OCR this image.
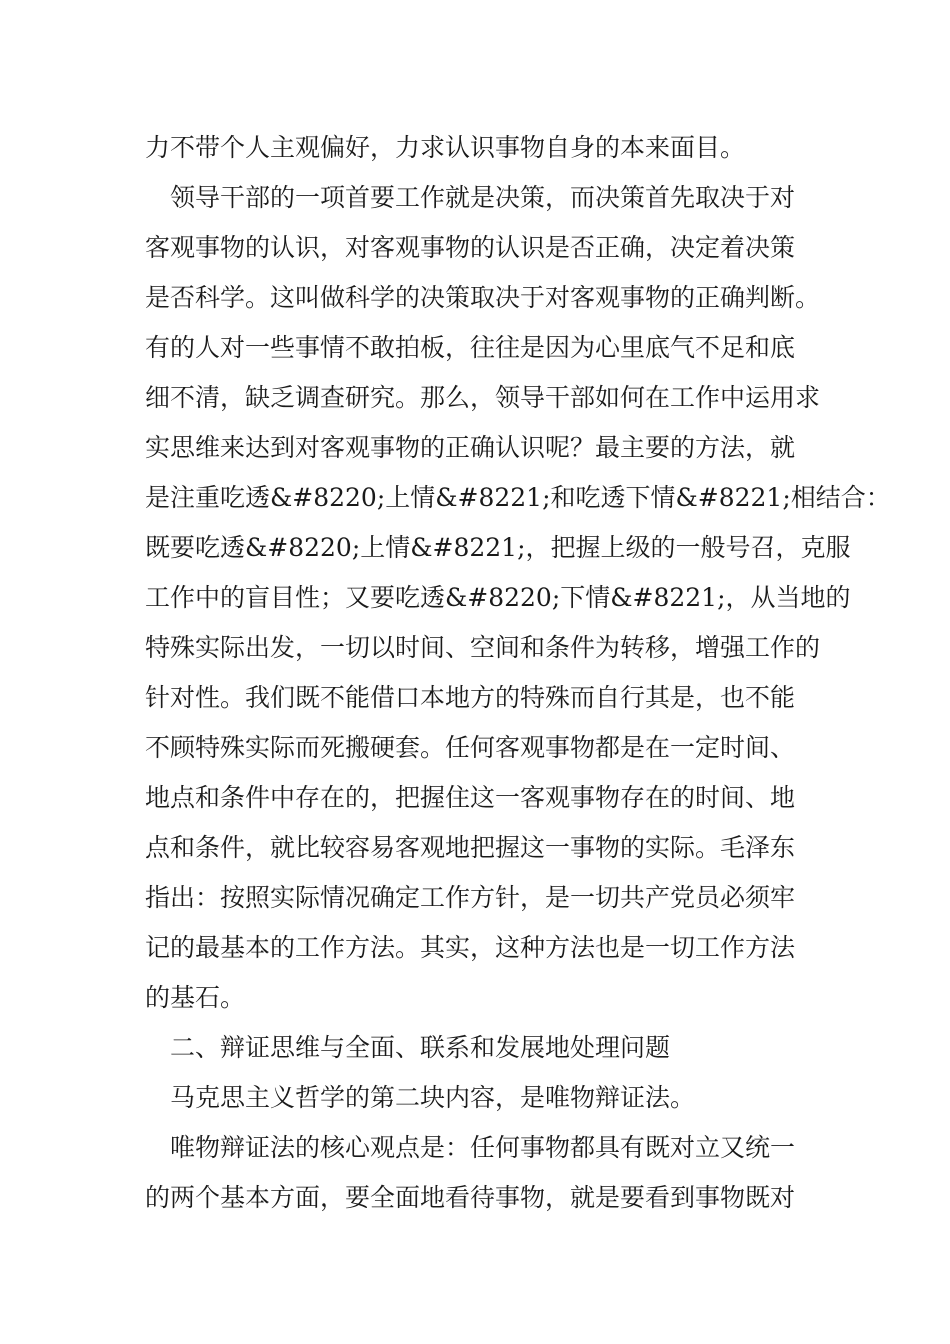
力不带个人主观偏好，力求认识事物自身的本来面目。
领导干部的一项首要工作就是决策，而决策首先取决于对
客观事物的认识，对客观事物的认识是否正确，决定着决策
是否科学。这叫做科学的决策取决于对客观事物的正确判断。
有的人对一些事情不敢拍板，往往是因为心里底气不足和底
细不清，缺乏调查研究。那么，领导干部如何在工作中运用求
实思维来达到对客观事物的正确认识呢？最主要的方法，就
是注重吃透&#8220;上情&#8221;和吃透下情&#8221;相结合：
既要吃透&#8220;上情&#8221;，把握上级的一般号召，克服
工作中的盲目性；又要吃透&#8220;下情&#8221;，从当地的
特殊实际出发，一切以时间、空间和条件为转移，增强工作的
针对性。我们既不能借口本地方的特殊而自行其是，也不能
不顾特殊实际而死搬硬套。任何客观事物都是在一定时间、
地点和条件中存在的，把握住这一客观事物存在的时间、地
点和条件，就比较容易客观地把握这一事物的实际。毛泽东
指出：按照实际情况确定工作方针，是一切共产党员必须牢
记的最基本的工作方法。其实，这种方法也是一切工作方法
的基石。
二、辩证思维与全面、联系和发展地处理问题
马克思主义哲学的第二块内容，是唯物辩证法。
唯物辩证法的核心观点是：任何事物都具有既对立又统一
的两个基本方面，要全面地看待事物，就是要看到事物既对
